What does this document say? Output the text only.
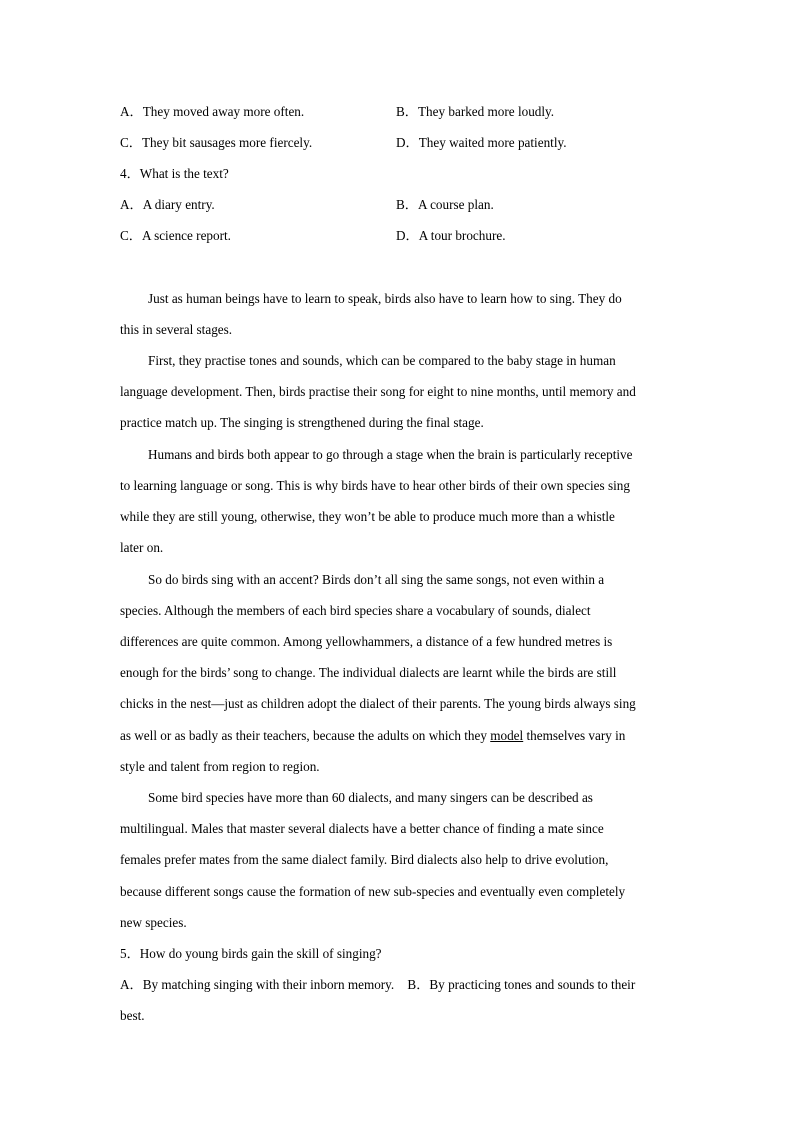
A．They moved away more often.	B．They barked more loudly.
C．They bit sausages more fiercely.	D．They waited more patiently.
4．What is the text?
A．A diary entry.	B．A course plan.
C．A science report.	D．A tour brochure.
Just as human beings have to learn to speak, birds also have to learn how to sing. They do
this in several stages.
First, they practise tones and sounds, which can be compared to the baby stage in human
language development. Then, birds practise their song for eight to nine months, until memory and
practice match up. The singing is strengthened during the final stage.
Humans and birds both appear to go through a stage when the brain is particularly receptive
to learning language or song. This is why birds have to hear other birds of their own species sing
while they are still young, otherwise, they won’t be able to produce much more than a whistle
later on.
So do birds sing with an accent? Birds don’t all sing the same songs, not even within a
species. Although the members of each bird species share a vocabulary of sounds, dialect
differences are quite common. Among yellowhammers, a distance of a few hundred metres is
enough for the birds’ song to change. The individual dialects are learnt while the birds are still
chicks in the nest—just as children adopt the dialect of their parents. The young birds always sing
as well or as badly as their teachers, because the adults on which they model themselves vary in
style and talent from region to region.
Some bird species have more than 60 dialects, and many singers can be described as
multilingual. Males that master several dialects have a better chance of finding a mate since
females prefer mates from the same dialect family. Bird dialects also help to drive evolution,
because different songs cause the formation of new sub-species and eventually even completely
new species.
5．How do young birds gain the skill of singing?
A．By matching singing with their inborn memory.　B．By practicing tones and sounds to their
best.
